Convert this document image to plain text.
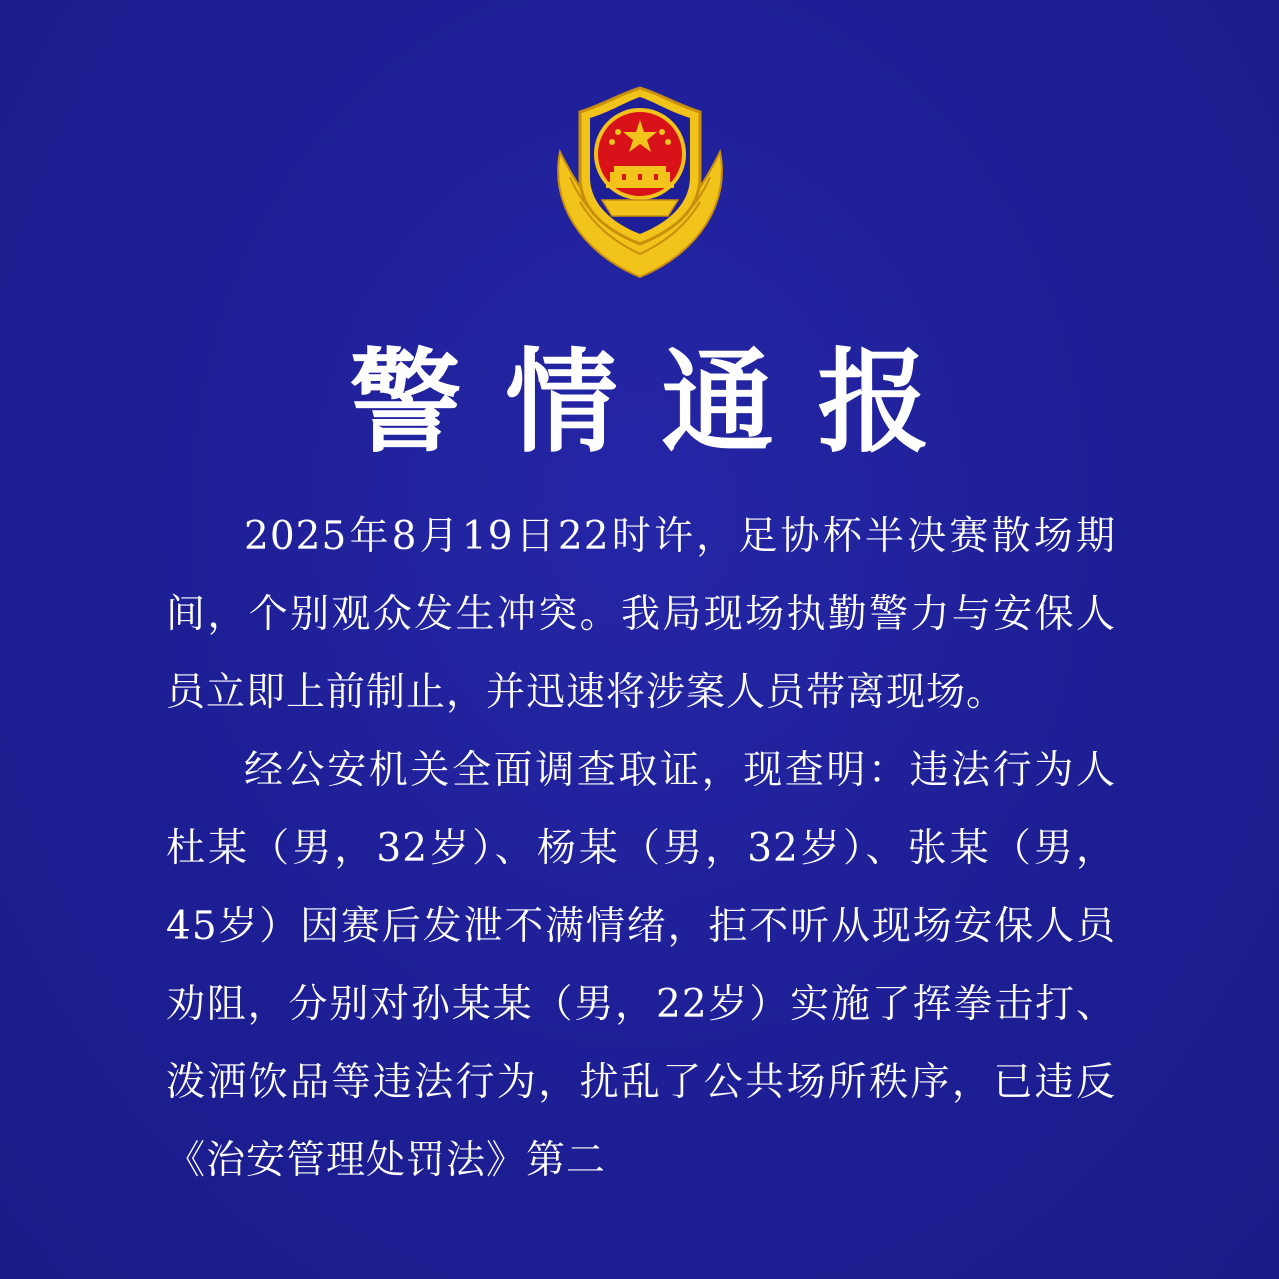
警情通报

2025年8月19日22时许，足协杯半决赛散场期间，个别观众发生冲突。我局现场执勤警力与安保人员立即上前制止，并迅速将涉案人员带离现场。

经公安机关全面调查取证，现查明：违法行为人杜某（男，32岁）、杨某（男，32岁）、张某（男，45岁）因赛后发泄不满情绪，拒不听从现场安保人员劝阻，分别对孙某某（男，22岁）实施了挥拳击打、泼洒饮品等违法行为，扰乱了公共场所秩序，已违反《治安管理处罚法》第二
